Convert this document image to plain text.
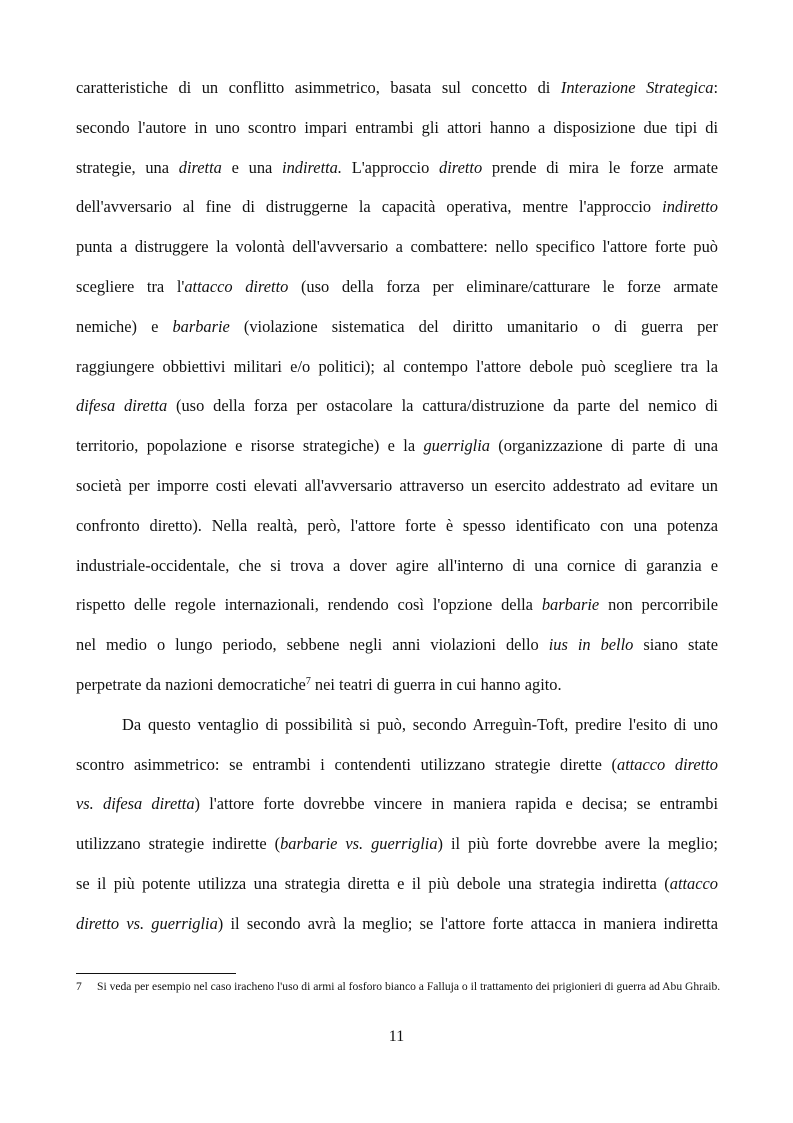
caratteristiche di un conflitto asimmetrico, basata sul concetto di Interazione Strategica:
secondo l'autore in uno scontro impari entrambi gli attori hanno a disposizione due tipi di
strategie, una diretta e una indiretta. L'approccio diretto prende di mira le forze armate
dell'avversario al fine di distruggerne la capacità operativa, mentre l'approccio indiretto
punta a distruggere la volontà dell'avversario a combattere: nello specifico l'attore forte può
scegliere tra l'attacco diretto (uso della forza per eliminare/catturare le forze armate
nemiche) e barbarie (violazione sistematica del diritto umanitario o di guerra per
raggiungere obbiettivi militari e/o politici); al contempo l'attore debole può scegliere tra la
difesa diretta (uso della forza per ostacolare la cattura/distruzione da parte del nemico di
territorio, popolazione e risorse strategiche) e la guerriglia (organizzazione di parte di una
società per imporre costi elevati all'avversario attraverso un esercito addestrato ad evitare un
confronto diretto). Nella realtà, però, l'attore forte è spesso identificato con una potenza
industriale-occidentale, che si trova a dover agire all'interno di una cornice di garanzia e
rispetto delle regole internazionali, rendendo così l'opzione della barbarie non percorribile
nel medio o lungo periodo, sebbene negli anni violazioni dello ius in bello siano state
perpetrate da nazioni democratiche$^7$ nei teatri di guerra in cui hanno agito.
Da questo ventaglio di possibilità si può, secondo Arreguìn-Toft, predire l'esito di uno
scontro asimmetrico: se entrambi i contendenti utilizzano strategie dirette (attacco diretto
vs. difesa diretta) l'attore forte dovrebbe vincere in maniera rapida e decisa; se entrambi
utilizzano strategie indirette (barbarie vs. guerriglia) il più forte dovrebbe avere la meglio;
se il più potente utilizza una strategia diretta e il più debole una strategia indiretta (attacco
diretto vs. guerriglia) il secondo avrà la meglio; se l'attore forte attacca in maniera indiretta
7	Si veda per esempio nel caso iracheno l'uso di armi al fosforo bianco a Falluja o il trattamento dei prigionieri di guerra ad Abu Ghraib.
11
